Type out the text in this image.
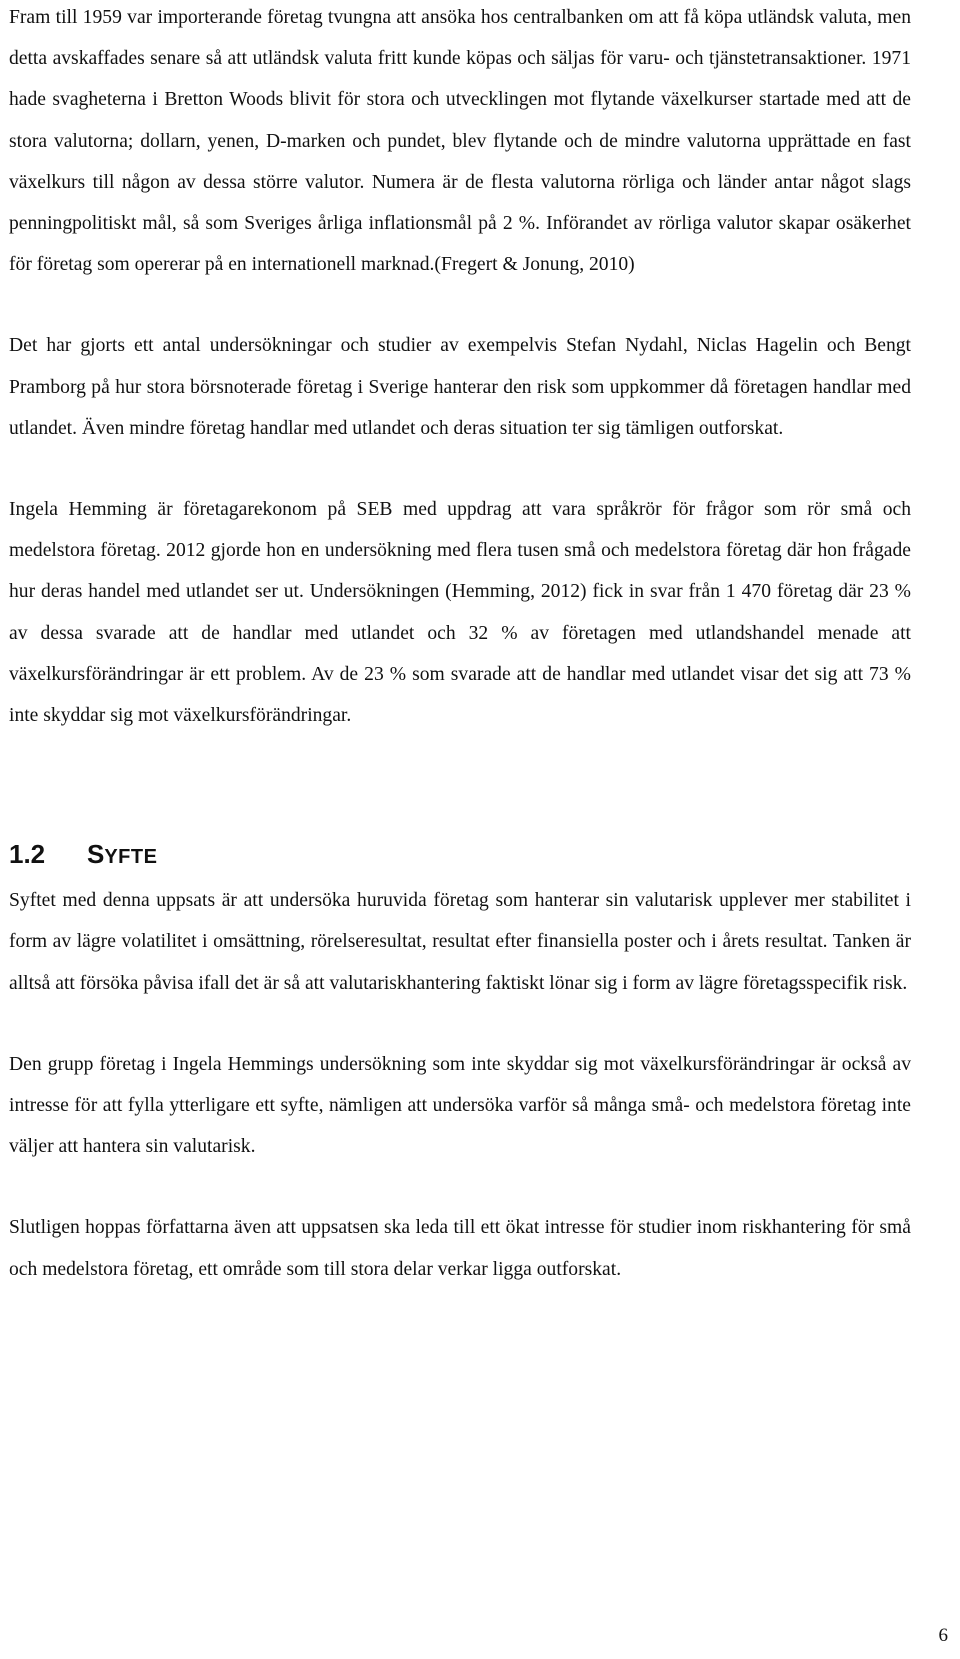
Fram till 1959 var importerande företag tvungna att ansöka hos centralbanken om att få köpa utländsk valuta, men detta avskaffades senare så att utländsk valuta fritt kunde köpas och säljas för varu- och tjänstetransaktioner. 1971 hade svagheterna i Bretton Woods blivit för stora och utvecklingen mot flytande växelkurser startade med att de stora valutorna; dollarn, yenen, D-marken och pundet, blev flytande och de mindre valutorna upprättade en fast växelkurs till någon av dessa större valutor. Numera är de flesta valutorna rörliga och länder antar något slags penningpolitiskt mål, så som Sveriges årliga inflationsmål på 2 %. Införandet av rörliga valutor skapar osäkerhet för företag som opererar på en internationell marknad.(Fregert & Jonung, 2010)

Det har gjorts ett antal undersökningar och studier av exempelvis Stefan Nydahl, Niclas Hagelin och Bengt Pramborg på hur stora börsnoterade företag i Sverige hanterar den risk som uppkommer då företagen handlar med utlandet. Även mindre företag handlar med utlandet och deras situation ter sig tämligen outforskat.

Ingela Hemming är företagarekonom på SEB med uppdrag att vara språkrör för frågor som rör små och medelstora företag. 2012 gjorde hon en undersökning med flera tusen små och medelstora företag där hon frågade hur deras handel med utlandet ser ut. Undersökningen (Hemming, 2012) fick in svar från 1 470 företag där 23 % av dessa svarade att de handlar med utlandet och 32 % av företagen med utlandshandel menade att växelkursförändringar är ett problem. Av de 23 % som svarade att de handlar med utlandet visar det sig att 73 % inte skyddar sig mot växelkursförändringar.

1.2	SYFTE

Syftet med denna uppsats är att undersöka huruvida företag som hanterar sin valutarisk upplever mer stabilitet i form av lägre volatilitet i omsättning, rörelseresultat, resultat efter finansiella poster och i årets resultat. Tanken är alltså att försöka påvisa ifall det är så att valutariskhantering faktiskt lönar sig i form av lägre företagsspecifik risk.

Den grupp företag i Ingela Hemmings undersökning som inte skyddar sig mot växelkursförändringar är också av intresse för att fylla ytterligare ett syfte, nämligen att undersöka varför så många små- och medelstora företag inte väljer att hantera sin valutarisk.

Slutligen hoppas författarna även att uppsatsen ska leda till ett ökat intresse för studier inom riskhantering för små och medelstora företag, ett område som till stora delar verkar ligga outforskat.

6
